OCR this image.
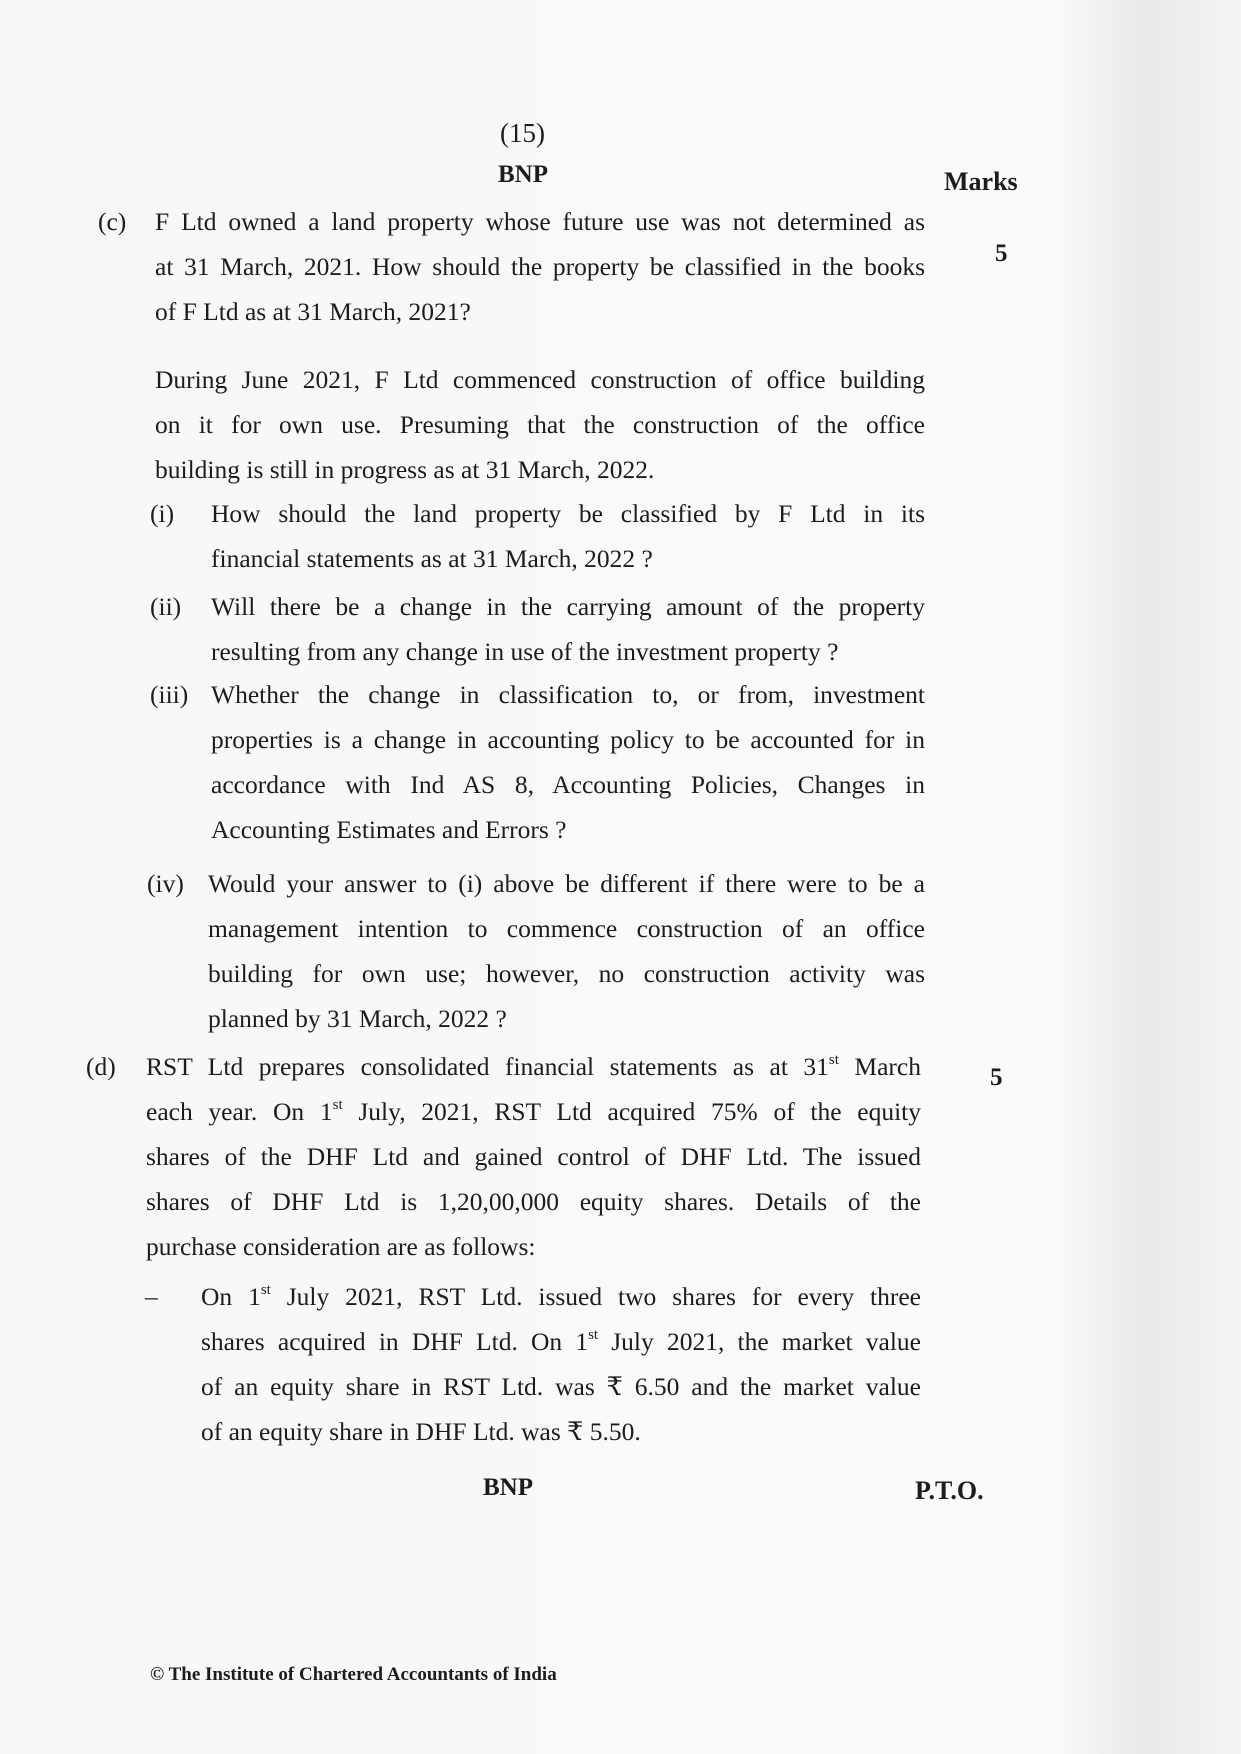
(15)
BNP	Marks
(c)
5
F Ltd owned a land property whose future use was not determined as
at 31 March, 2021. How should the property be classified in the books
of F Ltd as at 31 March, 2021?
During June 2021, F Ltd commenced construction of office building
on it for own use. Presuming that the construction of the office
building is still in progress as at 31 March, 2022.
(i) How should the land property be classified by F Ltd in its
financial statements as at 31 March, 2022 ?
(ii) Will there be a change in the carrying amount of the property
resulting from any change in use of the investment property ?
(iii) Whether the change in classification to, or from, investment
properties is a change in accounting policy to be accounted for in
accordance with Ind AS 8, Accounting Policies, Changes in
Accounting Estimates and Errors ?
(iv) Would your answer to (i) above be different if there were to be a
management intention to commence construction of an office
building for own use; however, no construction activity was
planned by 31 March, 2022 ?
(d)	5
RST Ltd prepares consolidated financial statements as at 31st March
each year. On 1st July, 2021, RST Ltd acquired 75% of the equity
shares of the DHF Ltd and gained control of DHF Ltd. The issued
shares of DHF Ltd is 1,20,00,000 equity shares. Details of the
purchase consideration are as follows:
– On 1st July 2021, RST Ltd. issued two shares for every three
shares acquired in DHF Ltd. On 1st July 2021, the market value
of an equity share in RST Ltd. was ₹ 6.50 and the market value
of an equity share in DHF Ltd. was ₹ 5.50.
BNP	P.T.O.
© The Institute of Chartered Accountants of India
